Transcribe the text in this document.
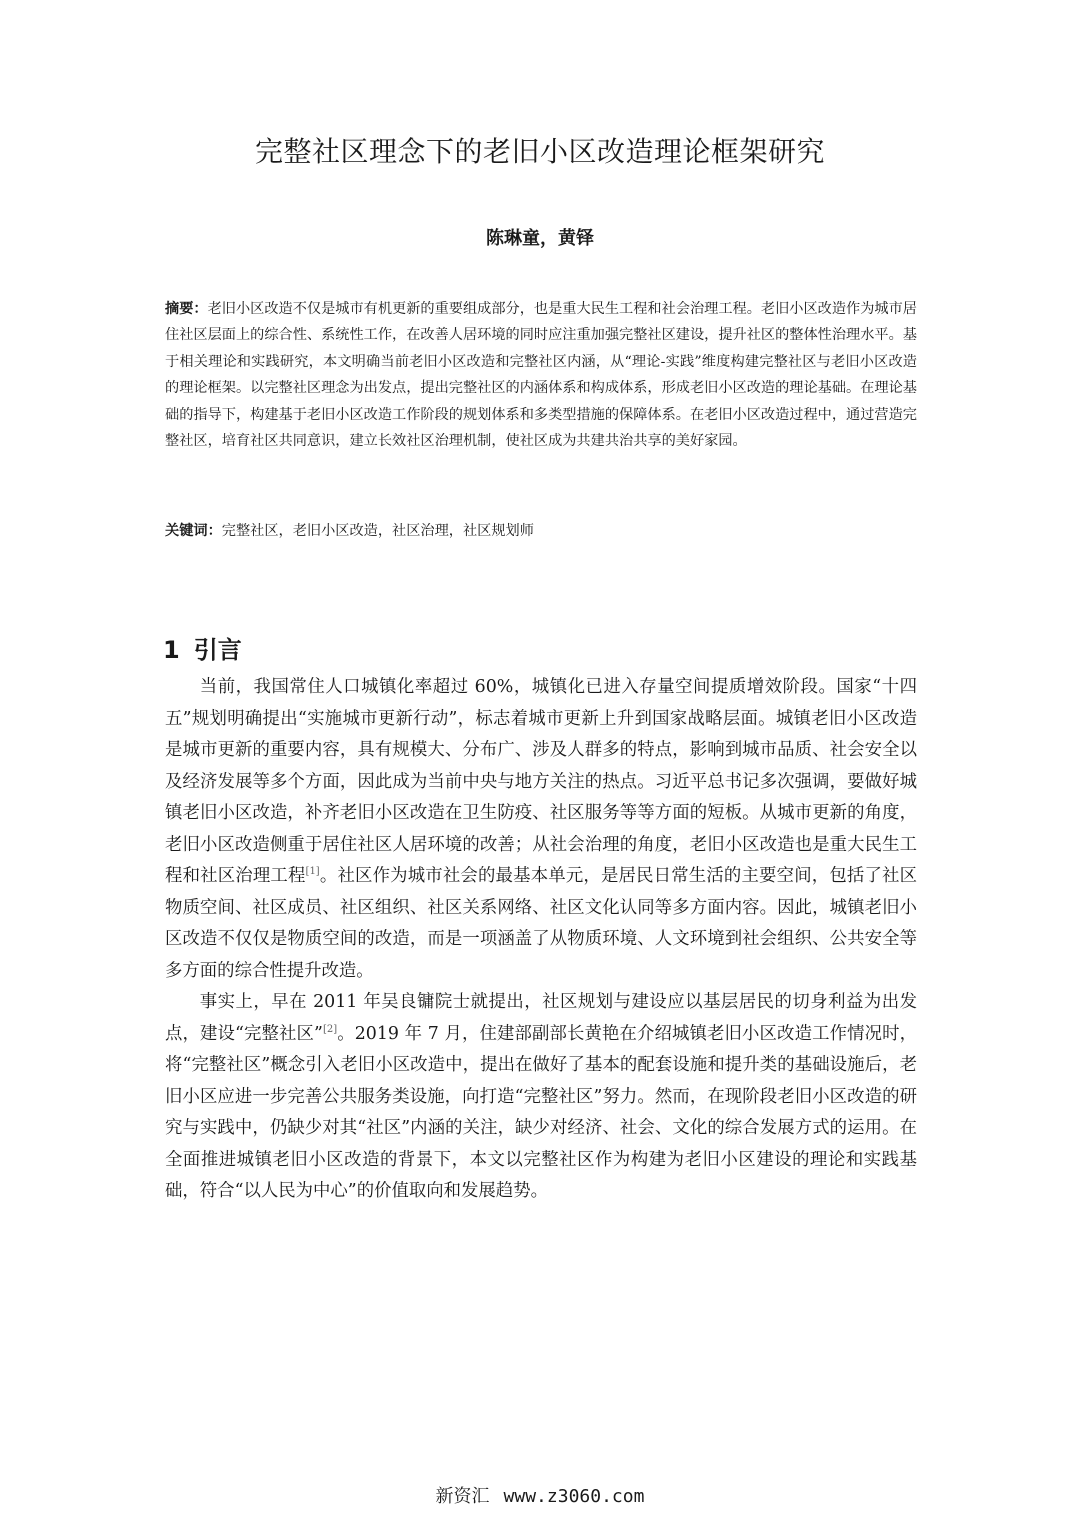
完整社区理念下的老旧小区改造理论框架研究
陈琳童，黄铎
摘要：老旧小区改造不仅是城市有机更新的重要组成部分，也是重大民生工程和社会治理工程。老旧小区改造作为城市居住社区层面上的综合性、系统性工作，在改善人居环境的同时应注重加强完整社区建设，提升社区的整体性治理水平。基于相关理论和实践研究，本文明确当前老旧小区改造和完整社区内涵，从“理论-实践”维度构建完整社区与老旧小区改造的理论框架。以完整社区理念为出发点，提出完整社区的内涵体系和构成体系，形成老旧小区改造的理论基础。在理论基础的指导下，构建基于老旧小区改造工作阶段的规划体系和多类型措施的保障体系。在老旧小区改造过程中，通过营造完整社区，培育社区共同意识，建立长效社区治理机制，使社区成为共建共治共享的美好家园。
关键词：完整社区，老旧小区改造，社区治理，社区规划师
1 引言

当前，我国常住人口城镇化率超过 60%，城镇化已进入存量空间提质增效阶段。国家“十四五”规划明确提出“实施城市更新行动”，标志着城市更新上升到国家战略层面。城镇老旧小区改造是城市更新的重要内容，具有规模大、分布广、涉及人群多的特点，影响到城市品质、社会安全以及经济发展等多个方面，因此成为当前中央与地方关注的热点。习近平总书记多次强调，要做好城镇老旧小区改造，补齐老旧小区改造在卫生防疫、社区服务等等方面的短板。从城市更新的角度，老旧小区改造侧重于居住社区人居环境的改善；从社会治理的角度，老旧小区改造也是重大民生工程和社区治理工程[1]。社区作为城市社会的最基本单元，是居民日常生活的主要空间，包括了社区物质空间、社区成员、社区组织、社区关系网络、社区文化认同等多方面内容。因此，城镇老旧小区改造不仅仅是物质空间的改造，而是一项涵盖了从物质环境、人文环境到社会组织、公共安全等多方面的综合性提升改造。

事实上，早在 2011 年吴良镛院士就提出，社区规划与建设应以基层居民的切身利益为出发点，建设“完整社区”[2]。2019 年 7 月，住建部副部长黄艳在介绍城镇老旧小区改造工作情况时，将“完整社区”概念引入老旧小区改造中，提出在做好了基本的配套设施和提升类的基础设施后，老旧小区应进一步完善公共服务类设施，向打造“完整社区”努力。然而，在现阶段老旧小区改造的研究与实践中，仍缺少对其“社区”内涵的关注，缺少对经济、社会、文化的综合发展方式的运用。在全面推进城镇老旧小区改造的背景下，本文以完整社区作为构建为老旧小区建设的理论和实践基础，符合“以人民为中心”的价值取向和发展趋势。

新资汇 www.z3060.com
